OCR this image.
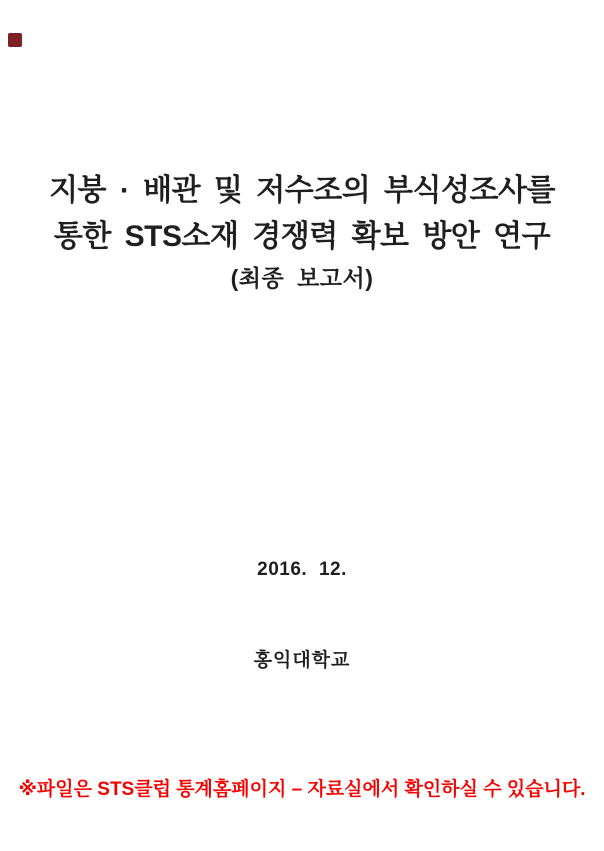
지붕 · 배관 및 저수조의 부식성조사를
통한 STS소재 경쟁력 확보 방안 연구
(최종 보고서)
2016. 12.
홍익대학교
※파일은 STS클럽 통계홈페이지 – 자료실에서 확인하실 수 있습니다.
